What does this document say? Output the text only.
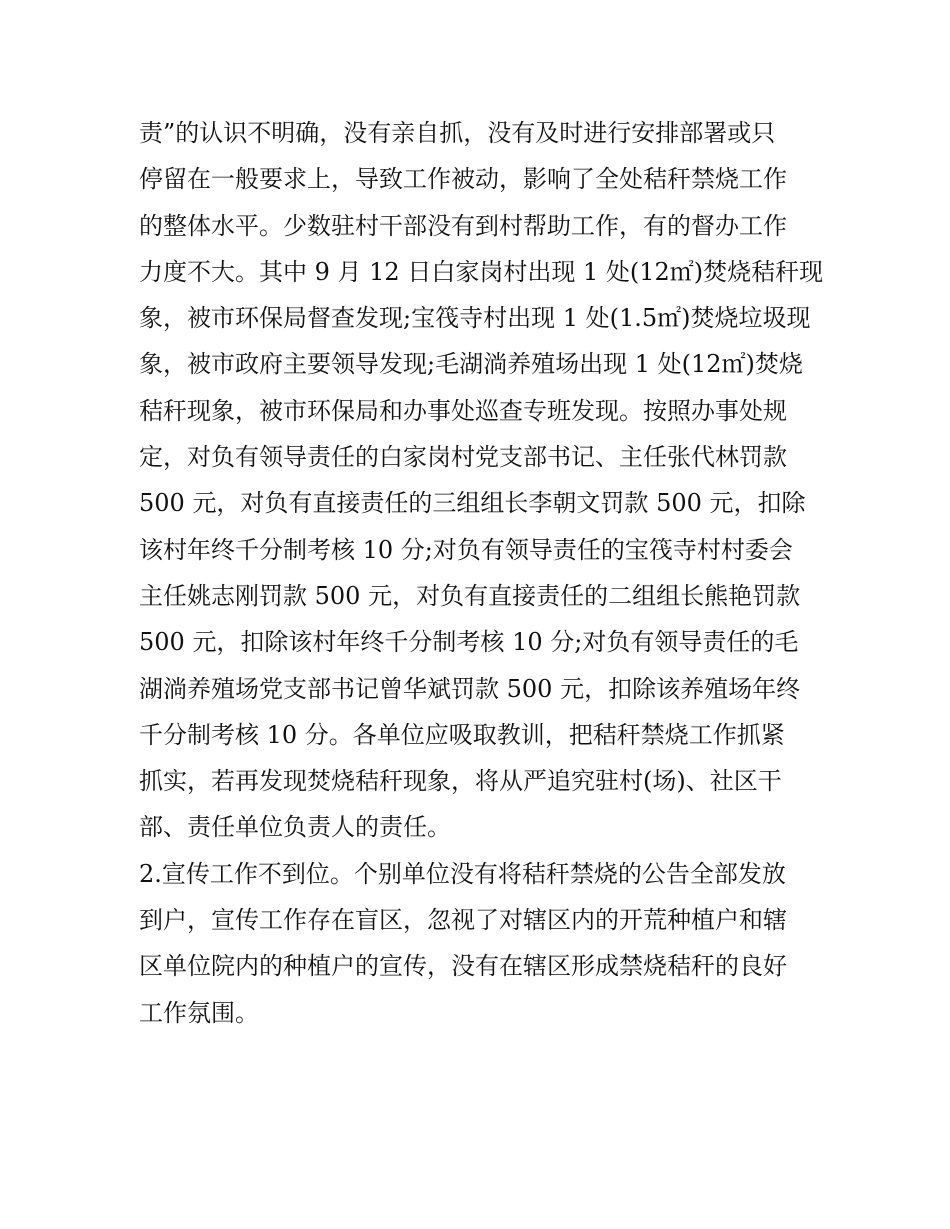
责”的认识不明确，没有亲自抓，没有及时进行安排部署或只
停留在一般要求上，导致工作被动，影响了全处秸秆禁烧工作
的整体水平。少数驻村干部没有到村帮助工作，有的督办工作
力度不大。其中 9 月 12 日白家岗村出现 1 处(12㎡)焚烧秸秆现
象，被市环保局督查发现;宝筏寺村出现 1 处(1.5㎡)焚烧垃圾现
象，被市政府主要领导发现;毛湖淌养殖场出现 1 处(12㎡)焚烧
秸秆现象，被市环保局和办事处巡查专班发现。按照办事处规
定，对负有领导责任的白家岗村党支部书记、主任张代林罚款
500 元，对负有直接责任的三组组长李朝文罚款 500 元，扣除
该村年终千分制考核 10 分;对负有领导责任的宝筏寺村村委会
主任姚志刚罚款 500 元，对负有直接责任的二组组长熊艳罚款
500 元，扣除该村年终千分制考核 10 分;对负有领导责任的毛
湖淌养殖场党支部书记曾华斌罚款 500 元，扣除该养殖场年终
千分制考核 10 分。各单位应吸取教训，把秸秆禁烧工作抓紧
抓实，若再发现焚烧秸秆现象，将从严追究驻村(场)、社区干
部、责任单位负责人的责任。

2.宣传工作不到位。个别单位没有将秸秆禁烧的公告全部发放
到户，宣传工作存在盲区，忽视了对辖区内的开荒种植户和辖
区单位院内的种植户的宣传，没有在辖区形成禁烧秸秆的良好
工作氛围。
